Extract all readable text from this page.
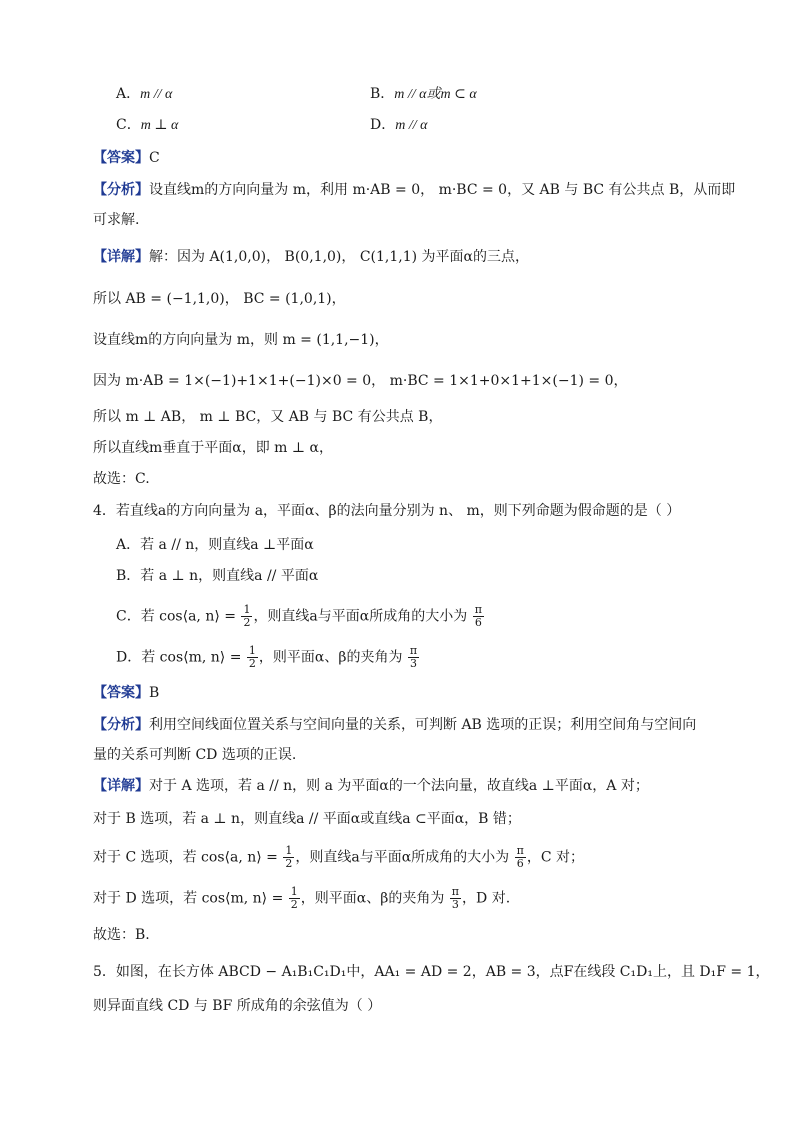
A．m // α	B．m // α或m ⊂ α
C．m ⊥ α	D．m // α
【答案】C
【分析】设直线m的方向向量为 m，利用 m·AB = 0， m·BC = 0，又 AB 与 BC 有公共点 B，从而即
可求解.
【详解】解：因为 A(1,0,0)， B(0,1,0)， C(1,1,1) 为平面α的三点，
所以 AB = (−1,1,0)， BC = (1,0,1)，
设直线m的方向向量为 m，则 m = (1,1,−1)，
因为 m·AB = 1×(−1)+1×1+(−1)×0 = 0， m·BC = 1×1+0×1+1×(−1) = 0，
所以 m ⊥ AB， m ⊥ BC，又 AB 与 BC 有公共点 B，
所以直线m垂直于平面α，即 m ⊥ α，
故选：C.
4．若直线a的方向向量为 a，平面α、β的法向量分别为 n、 m，则下列命题为假命题的是（ ）
A．若 a // n，则直线a ⊥平面α
B．若 a ⊥ n，则直线a // 平面α
C．若 cos⟨a, n⟩ = $\frac{1}{2}$ ，则直线a与平面α所成角的大小为 $\frac{\pi}{6}$
D．若 cos⟨m, n⟩ = $\frac{1}{2}$ ，则平面α、β的夹角为 $\frac{\pi}{3}$
【答案】B
【分析】利用空间线面位置关系与空间向量的关系，可判断 AB 选项的正误；利用空间角与空间向
量的关系可判断 CD 选项的正误.
【详解】对于 A 选项，若 a // n，则 a 为平面α的一个法向量，故直线a ⊥平面α，A 对；
对于 B 选项，若 a ⊥ n，则直线a // 平面α或直线a ⊂平面α，B 错；
对于 C 选项，若 cos⟨a, n⟩ = $\frac{1}{2}$ ，则直线a与平面α所成角的大小为 $\frac{\pi}{6}$ ，C 对；
对于 D 选项，若 cos⟨m, n⟩ = $\frac{1}{2}$ ，则平面α、β的夹角为 $\frac{\pi}{3}$ ，D 对.
故选：B.
5．如图，在长方体 ABCD − A₁B₁C₁D₁中，AA₁ = AD = 2，AB = 3，点F在线段 C₁D₁上，且 D₁F = 1，
则异面直线 CD 与 BF 所成角的余弦值为（ ）
